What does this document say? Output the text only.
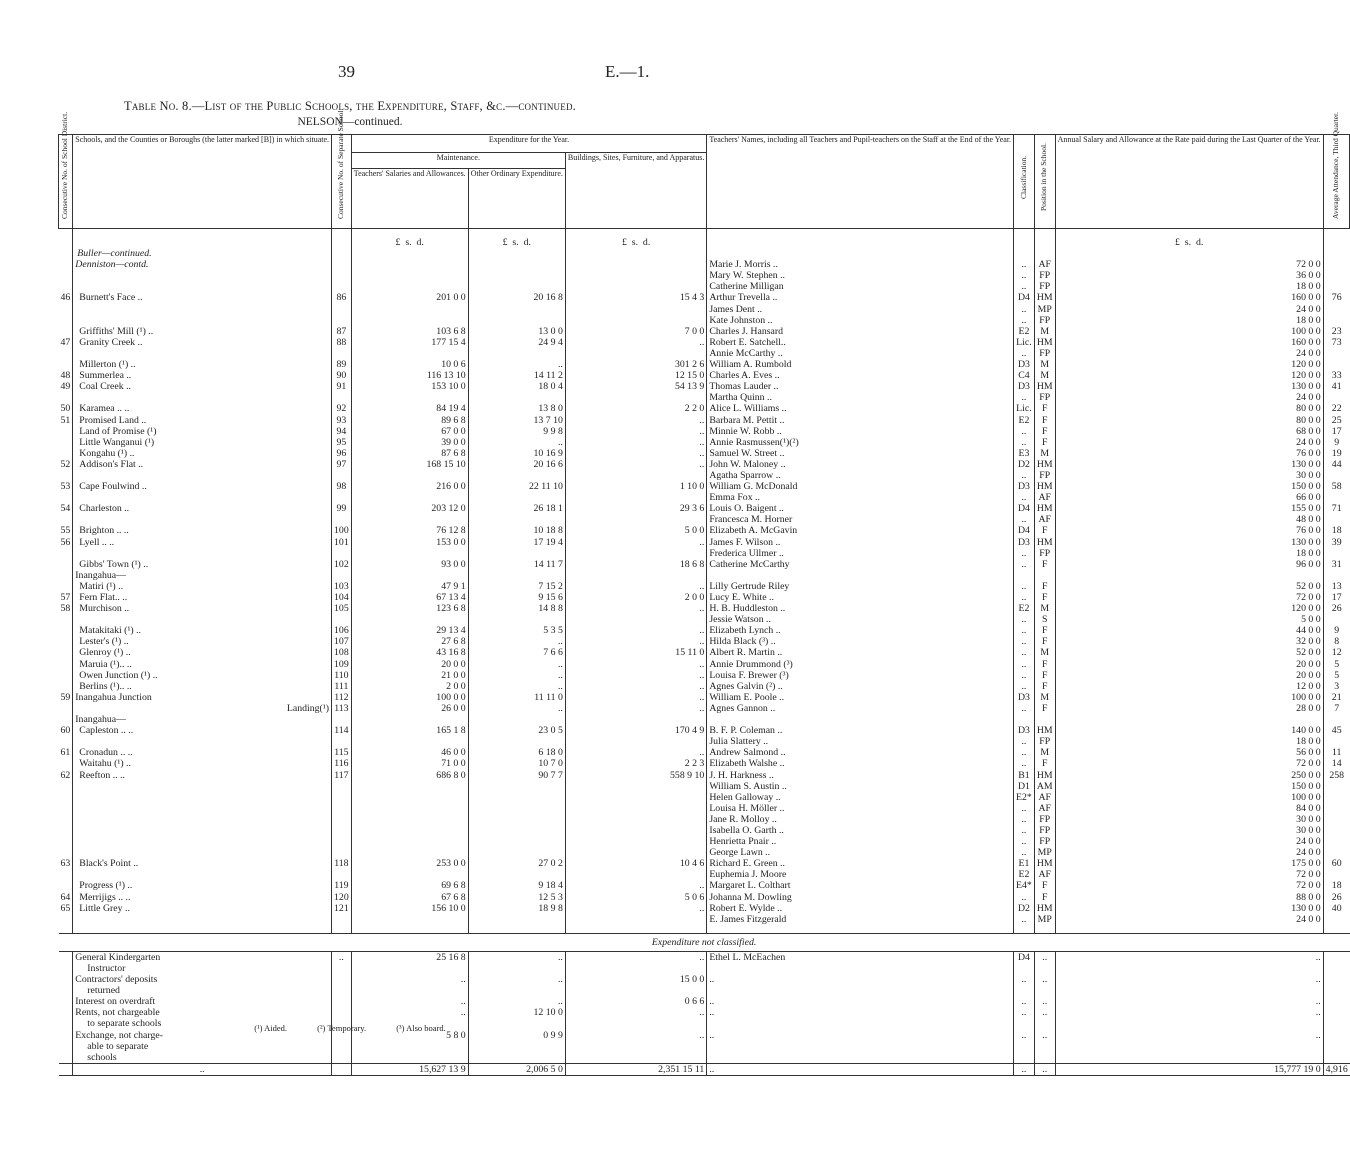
39	E.—1.
Table No. 8.—List of the Public Schools, the Expenditure, Staff, &c.—continued.
NELSON—continued.
Consecutive No. of School District.	Schools, and the Counties or Boroughs (the latter marked [B]) in which situate.	Consecutive No. of Separate School.	Expenditure for the Year.			Teachers' Names, including all Teachers and Pupil-teachers on the Staff at the End of the Year.	Classification.	Position in the School.	Annual Salary and Allowance at the Rate paid during the Last Quarter of the Year.	Average Attendance, Third Quarter.

			Maintenance.		Buildings, Sites, Furniture, and Apparatus.					
			Teachers' Salaries and Allowances.	Other Ordinary Expenditure.						

			£ s. d.	£ s. d.	£ s. d.				£ s. d.	
	Buller—continued.									
	Denniston—contd.					Marie J. Morris ..	..	AF	72 0 0	
						Mary W. Stephen ..	..	FP	36 0 0	
						Catherine Milligan	..	FP	18 0 0	
46	Burnett's Face ..	86	201 0 0	20 16 8	15 4 3	Arthur Trevella ..	D4	HM	160 0 0	76
						James Dent ..	..	MP	24 0 0	
						Kate Johnston ..	..	FP	18 0 0	
	Griffiths' Mill (¹) ..	87	103 6 8	13 0 0	7 0 0	Charles J. Hansard	E2	M	100 0 0	23
47	Granity Creek ..	88	177 15 4	24 9 4	..	Robert E. Satchell..	Lic.	HM	160 0 0	73
						Annie McCarthy ..	..	FP	24 0 0	
	Millerton (¹) ..	89	10 0 6	..	301 2 6	William A. Rumbold	D3	M	120 0 0	
48	Summerlea ..	90	116 13 10	14 11 2	12 15 0	Charles A. Eves ..	C4	M	120 0 0	33
49	Coal Creek ..	91	153 10 0	18 0 4	54 13 9	Thomas Lauder ..	D3	HM	130 0 0	41
						Martha Quinn ..	..	FP	24 0 0	
50	Karamea .. ..	92	84 19 4	13 8 0	2 2 0	Alice L. Williams ..	Lic.	F	80 0 0	22
51	Promised Land ..	93	89 6 8	13 7 10	..	Barbara M. Pettit ..	E2	F	80 0 0	25
	Land of Promise (¹)	94	67 0 0	9 9 8	..	Minnie W. Robb ..	..	F	68 0 0	17
	Little Wanganui (¹)	95	39 0 0	..	..	Annie Rasmussen(¹)(²)	..	F	24 0 0	9
	Kongahu (¹) ..	96	87 6 8	10 16 9	..	Samuel W. Street ..	E3	M	76 0 0	19
52	Addison's Flat ..	97	168 15 10	20 16 6	..	John W. Maloney ..	D2	HM	130 0 0	44
						Agatha Sparrow ..	..	FP	30 0 0	
53	Cape Foulwind ..	98	216 0 0	22 11 10	1 10 0	William G. McDonald	D3	HM	150 0 0	58
						Emma Fox ..	..	AF	66 0 0	
54	Charleston ..	99	203 12 0	26 18 1	29 3 6	Louis O. Baigent ..	D4	HM	155 0 0	71
						Francesca M. Horner	..	AF	48 0 0	
55	Brighton .. ..	100	76 12 8	10 18 8	5 0 0	Elizabeth A. McGavin	D4	F	76 0 0	18
56	Lyell .. ..	101	153 0 0	17 19 4	..	James F. Wilson ..	D3	HM	130 0 0	39
						Frederica Ullmer ..	..	FP	18 0 0	
	Gibbs' Town (¹) ..	102	93 0 0	14 11 7	18 6 8	Catherine McCarthy	..	F	96 0 0	31
	Inangahua—									
	Matiri (¹) ..	103	47 9 1	7 15 2	..	Lilly Gertrude Riley	..	F	52 0 0	13
57	Fern Flat.. ..	104	67 13 4	9 15 6	2 0 0	Lucy E. White ..	..	F	72 0 0	17
58	Murchison ..	105	123 6 8	14 8 8	..	H. B. Huddleston ..	E2	M	120 0 0	26
						Jessie Watson ..	..	S	5 0 0	
	Matakitaki (¹) ..	106	29 13 4	5 3 5	..	Elizabeth Lynch ..	..	F	44 0 0	9
	Lester's (¹) ..	107	27 6 8	..	..	Hilda Black (³) ..	..	F	32 0 0	8
	Glenroy (¹) ..	108	43 16 8	7 6 6	15 11 0	Albert R. Martin ..	..	M	52 0 0	12
	Maruia (¹).. ..	109	20 0 0	..	..	Annie Drummond (³)	..	F	20 0 0	5
	Owen Junction (¹) ..	110	21 0 0	..	..	Louisa F. Brewer (³)	..	F	20 0 0	5
	Berlins (¹).. ..	111	2 0 0	..	..	Agnes Galvin (²) ..	..	F	12 0 0	3
59	Inangahua Junction	112	100 0 0	11 11 0	..	William E. Poole ..	D3	M	100 0 0	21
	Landing(¹)	113	26 0 0	..	..	Agnes Gannon ..	..	F	28 0 0	7
	Inangahua—									
60	Capleston .. ..	114	165 1 8	23 0 5	170 4 9	B. F. P. Coleman ..	D3	HM	140 0 0	45
						Julia Slattery ..	..	FP	18 0 0	
61	Cronadun .. ..	115	46 0 0	6 18 0	..	Andrew Salmond ..	..	M	56 0 0	11
	Waitahu (¹) ..	116	71 0 0	10 7 0	2 2 3	Elizabeth Walshe ..	..	F	72 0 0	14
62	Reefton .. ..	117	686 8 0	90 7 7	558 9 10	J. H. Harkness ..	B1	HM	250 0 0	258
						William S. Austin ..	D1	AM	150 0 0	
						Helen Galloway ..	E2*	AF	100 0 0	
						Louisa H. Möller ..	..	AF	84 0 0	
						Jane R. Molloy ..	..	FP	30 0 0	
						Isabella O. Garth ..	..	FP	30 0 0	
						Henrietta Pnair ..	..	FP	24 0 0	
						George Lawn ..	..	MP	24 0 0	
63	Black's Point ..	118	253 0 0	27 0 2	10 4 6	Richard E. Green ..	E1	HM	175 0 0	60
						Euphemia J. Moore	E2	AF	72 0 0	
	Progress (¹) ..	119	69 6 8	9 18 4	..	Margaret L. Colthart	E4*	F	72 0 0	18
64	Merrijigs .. ..	120	67 6 8	12 5 3	5 0 6	Johanna M. Dowling	..	F	88 0 0	26
65	Little Grey ..	121	156 10 0	18 9 8	..	Robert E. Wylde ..	D2	HM	130 0 0	40
						E. James Fitzgerald	..	MP	24 0 0	

Expenditure not classified.										
	General Kindergarten	..	25 16 8	..	..	Ethel L. McEachen	D4	..	..	
	Instructor									
	Contractors' deposits		..	..	15 0 0	..	..	..	..	
	returned									
	Interest on overdraft		..	..	0 6 6	..	..	..	..	
	Rents, not chargeable		..	12 10 0	..	..	..	..	..	
	to separate schools									
	Exchange, not charge-		5 8 0	0 9 9	..	..	..	..	..	
	able to separate									
	schools									
	..		15,627 13 9	2,006 5 0	2,351 15 11	..	..	..	15,777 19 0	4,916
(¹) Aided.	(²) Temporary.	(³) Also board.
